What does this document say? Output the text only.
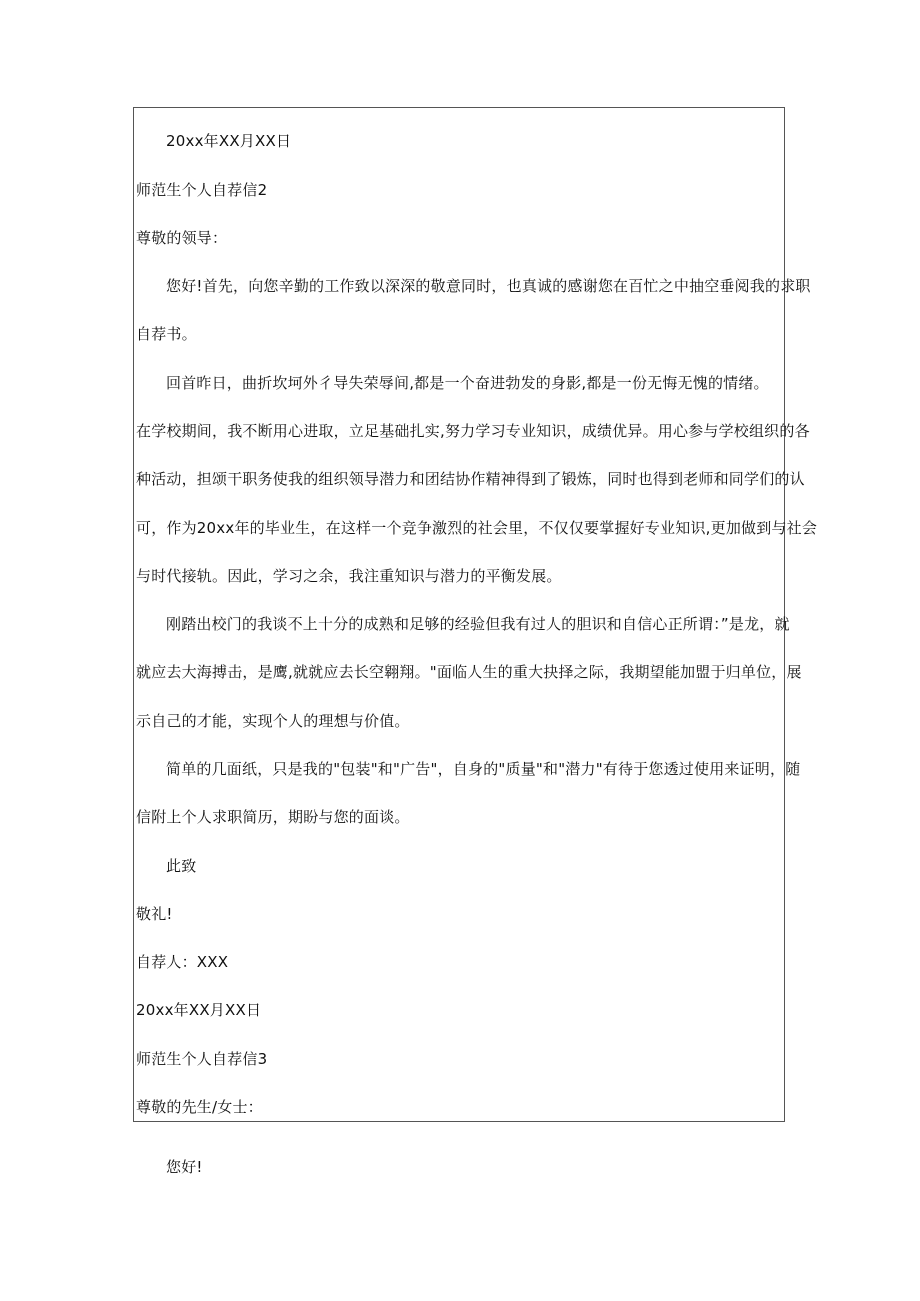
20xx年XX月XX日
师范生个人自荐信2
尊敬的领导：
您好!首先，向您辛勤的工作致以深深的敬意同时，也真诚的感谢您在百忙之中抽空垂阅我的求职
自荐书。
回首昨日，曲折坎坷外彳导失荣辱间,都是一个奋进勃发的身影,都是一份无悔无愧的情绪。
在学校期间，我不断用心进取，立足基础扎实,努力学习专业知识，成绩优异。用心参与学校组织的各
种活动，担颂干职务使我的组织领导潜力和团结协作精神得到了锻炼，同时也得到老师和同学们的认
可，作为20xx年的毕业生，在这样一个竞争激烈的社会里，不仅仅要掌握好专业知识,更加做到与社会
与时代接轨。因此，学习之余，我注重知识与潜力的平衡发展。
刚踏出校门的我谈不上十分的成熟和足够的经验但我有过人的胆识和自信心正所谓：”是龙，就
就应去大海搏击，是鹰,就就应去长空翱翔。"面临人生的重大抉择之际，我期望能加盟于归单位，展
示自己的才能，实现个人的理想与价值。
简单的几面纸，只是我的"包装"和"广告"，自身的"质量"和"潜力"有待于您透过使用来证明，随
信附上个人求职简历，期盼与您的面谈。
此致
敬礼!
自荐人：XXX
20xx年XX月XX日
师范生个人自荐信3
尊敬的先生/女士：
您好!
